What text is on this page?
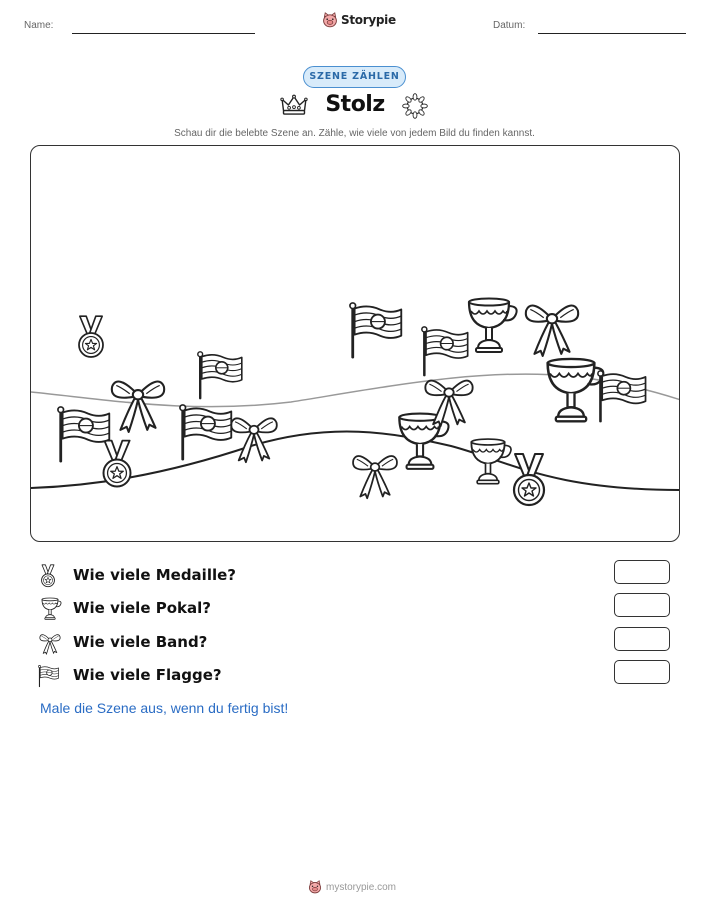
Name:	Storypie	Datum:
SZENE ZÄHLEN
Stolz
Schau dir die belebte Szene an. Zähle, wie viele von jedem Bild du finden kannst.
Wie viele Medaille?
Wie viele Pokal?
Wie viele Band?
Wie viele Flagge?
Male die Szene aus, wenn du fertig bist!
mystorypie.com
